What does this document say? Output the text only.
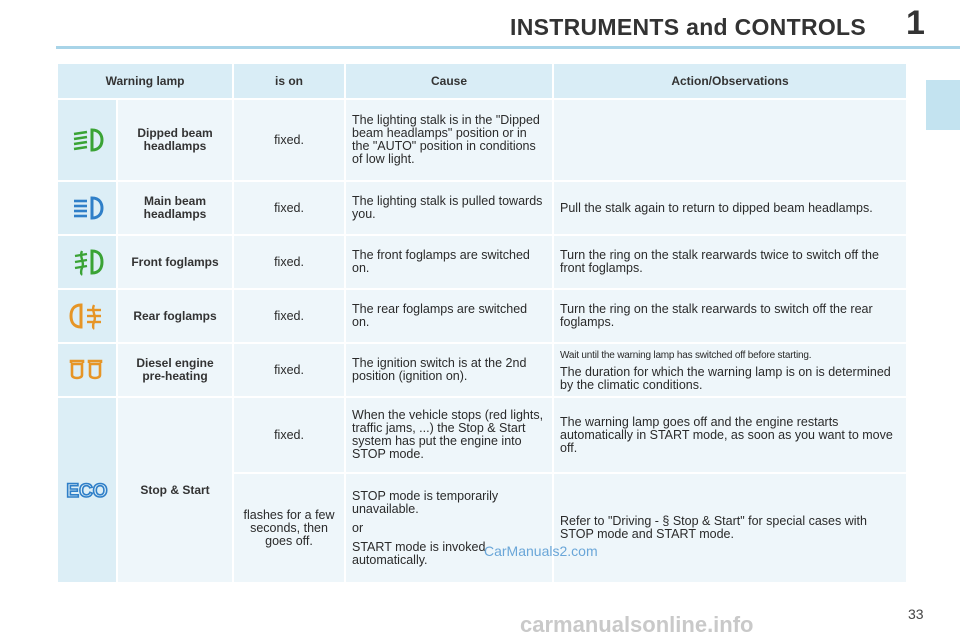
INSTRUMENTS and CONTROLS 1
Warning lamp		is on	Cause	Action/Observations

	Dipped beam headlamps	fixed.	The lighting stalk is in the "Dipped beam headlamps" position or in the "AUTO" position in conditions of low light.	

	Main beam headlamps	fixed.	The lighting stalk is pulled towards you.	Pull the stalk again to return to dipped beam headlamps.

	Front foglamps	fixed.	The front foglamps are switched on.	Turn the ring on the stalk rearwards twice to switch off the front foglamps.

	Rear foglamps	fixed.	The rear foglamps are switched on.	Turn the ring on the stalk rearwards to switch off the rear foglamps.

	Diesel engine pre-heating	fixed.	The ignition switch is at the 2nd position (ignition on).	Wait until the warning lamp has switched off before starting.
The duration for which the warning lamp is on is determined by the climatic conditions.

ECO	Stop & Start	fixed.	When the vehicle stops (red lights, traffic jams, ...) the Stop & Start system has put the engine into STOP mode.	The warning lamp goes off and the engine restarts automatically in START mode, as soon as you want to move off.
		flashes for a few seconds, then goes off.	STOP mode is temporarily unavailable.
or
START mode is invoked automatically.	Refer to "Driving - § Stop & Start" for special cases with STOP mode and START mode.
CarManuals2.com
33
carmanualsonline.info
